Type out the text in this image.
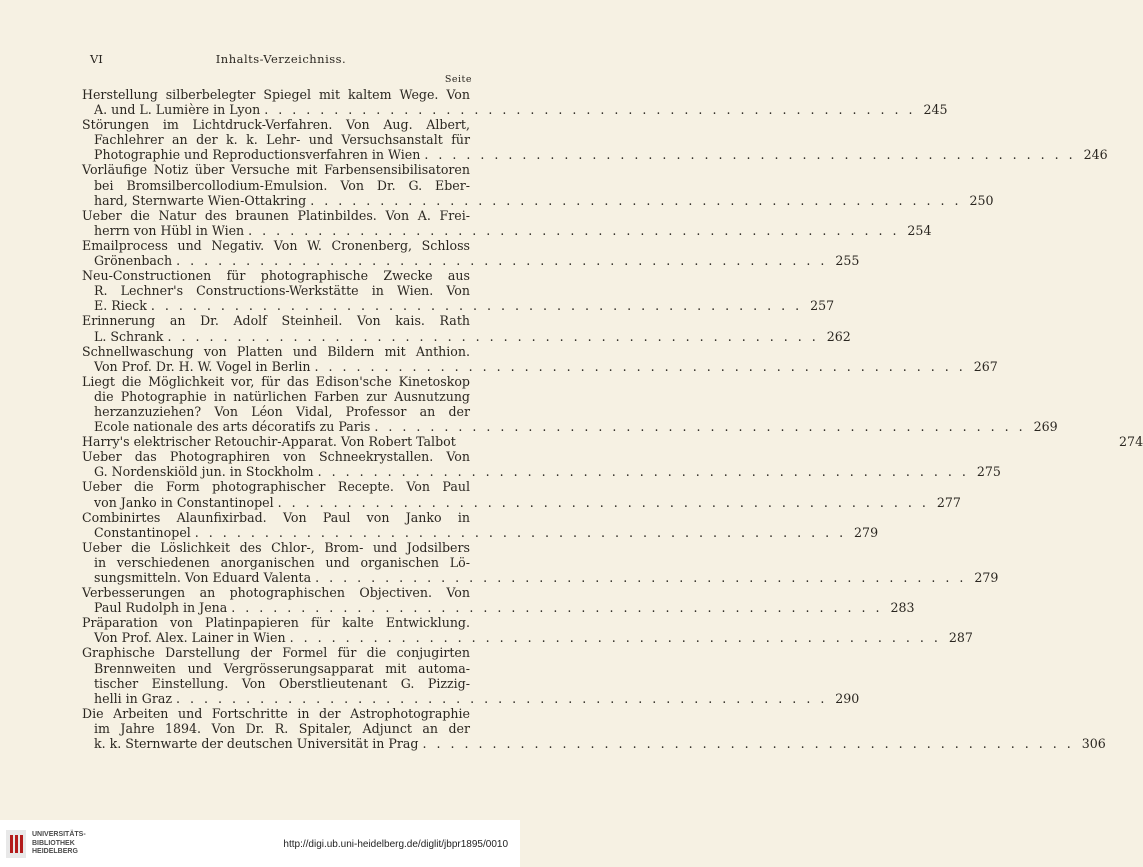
VI	Inhalts-Verzeichniss.
Seite
Herstellung silberbelegter Spiegel mit kaltem Wege. Von
A. und L. Lumière in Lyon . . .	245
Störungen im Lichtdruck-Verfahren. Von Aug. Albert,
Fachlehrer an der k. k. Lehr- und Versuchsanstalt für
Photographie und Reproductionsverfahren in Wien . . .	246
Vorläufige Notiz über Versuche mit Farbensensibilisatoren
bei Bromsilbercollodium-Emulsion. Von Dr. G. Eber-
hard, Sternwarte Wien-Ottakring . . .	250
Ueber die Natur des braunen Platinbildes. Von A. Frei-
herrn von Hübl in Wien . . .	254
Emailprocess und Negativ. Von W. Cronenberg, Schloss
Grönenbach . . .	255
Neu-Constructionen für photographische Zwecke aus
R. Lechner's Constructions-Werkstätte in Wien. Von
E. Rieck . . .	257
Erinnerung an Dr. Adolf Steinheil. Von kais. Rath
L. Schrank . . .	262
Schnellwaschung von Platten und Bildern mit Anthion.
Von Prof. Dr. H. W. Vogel in Berlin . . .	267
Liegt die Möglichkeit vor, für das Edison'sche Kinetoskop
die Photographie in natürlichen Farben zur Ausnutzung
herzanzuziehen? Von Léon Vidal, Professor an der
Ecole nationale des arts décoratifs zu Paris . . .	269
Harry's elektrischer Retouchir-Apparat. Von Robert Talbot	274
Ueber das Photographiren von Schneekrystallen. Von
G. Nordenskiöld jun. in Stockholm . . .	275
Ueber die Form photographischer Recepte. Von Paul
von Janko in Constantinopel . . .	277
Combinirtes Alaunfixirbad. Von Paul von Janko in
Constantinopel . . .	279
Ueber die Löslichkeit des Chlor-, Brom- und Jodsilbers
in verschiedenen anorganischen und organischen Lö-
sungsmitteln. Von Eduard Valenta . . .	279
Verbesserungen an photographischen Objectiven. Von
Paul Rudolph in Jena . . .	283
Präparation von Platinpapieren für kalte Entwicklung.
Von Prof. Alex. Lainer in Wien . . .	287
Graphische Darstellung der Formel für die conjugirten
Brennweiten und Vergrösserungsapparat mit automa-
tischer Einstellung. Von Oberstlieutenant G. Pizzig-
helli in Graz . . .	290
Die Arbeiten und Fortschritte in der Astrophotographie
im Jahre 1894. Von Dr. R. Spitaler, Adjunct an der
k. k. Sternwarte der deutschen Universität in Prag . . .	306
UNIVERSITÄTS-
BIBLIOTHEK
HEIDELBERG
http://digi.ub.uni-heidelberg.de/diglit/jbpr1895/0010
